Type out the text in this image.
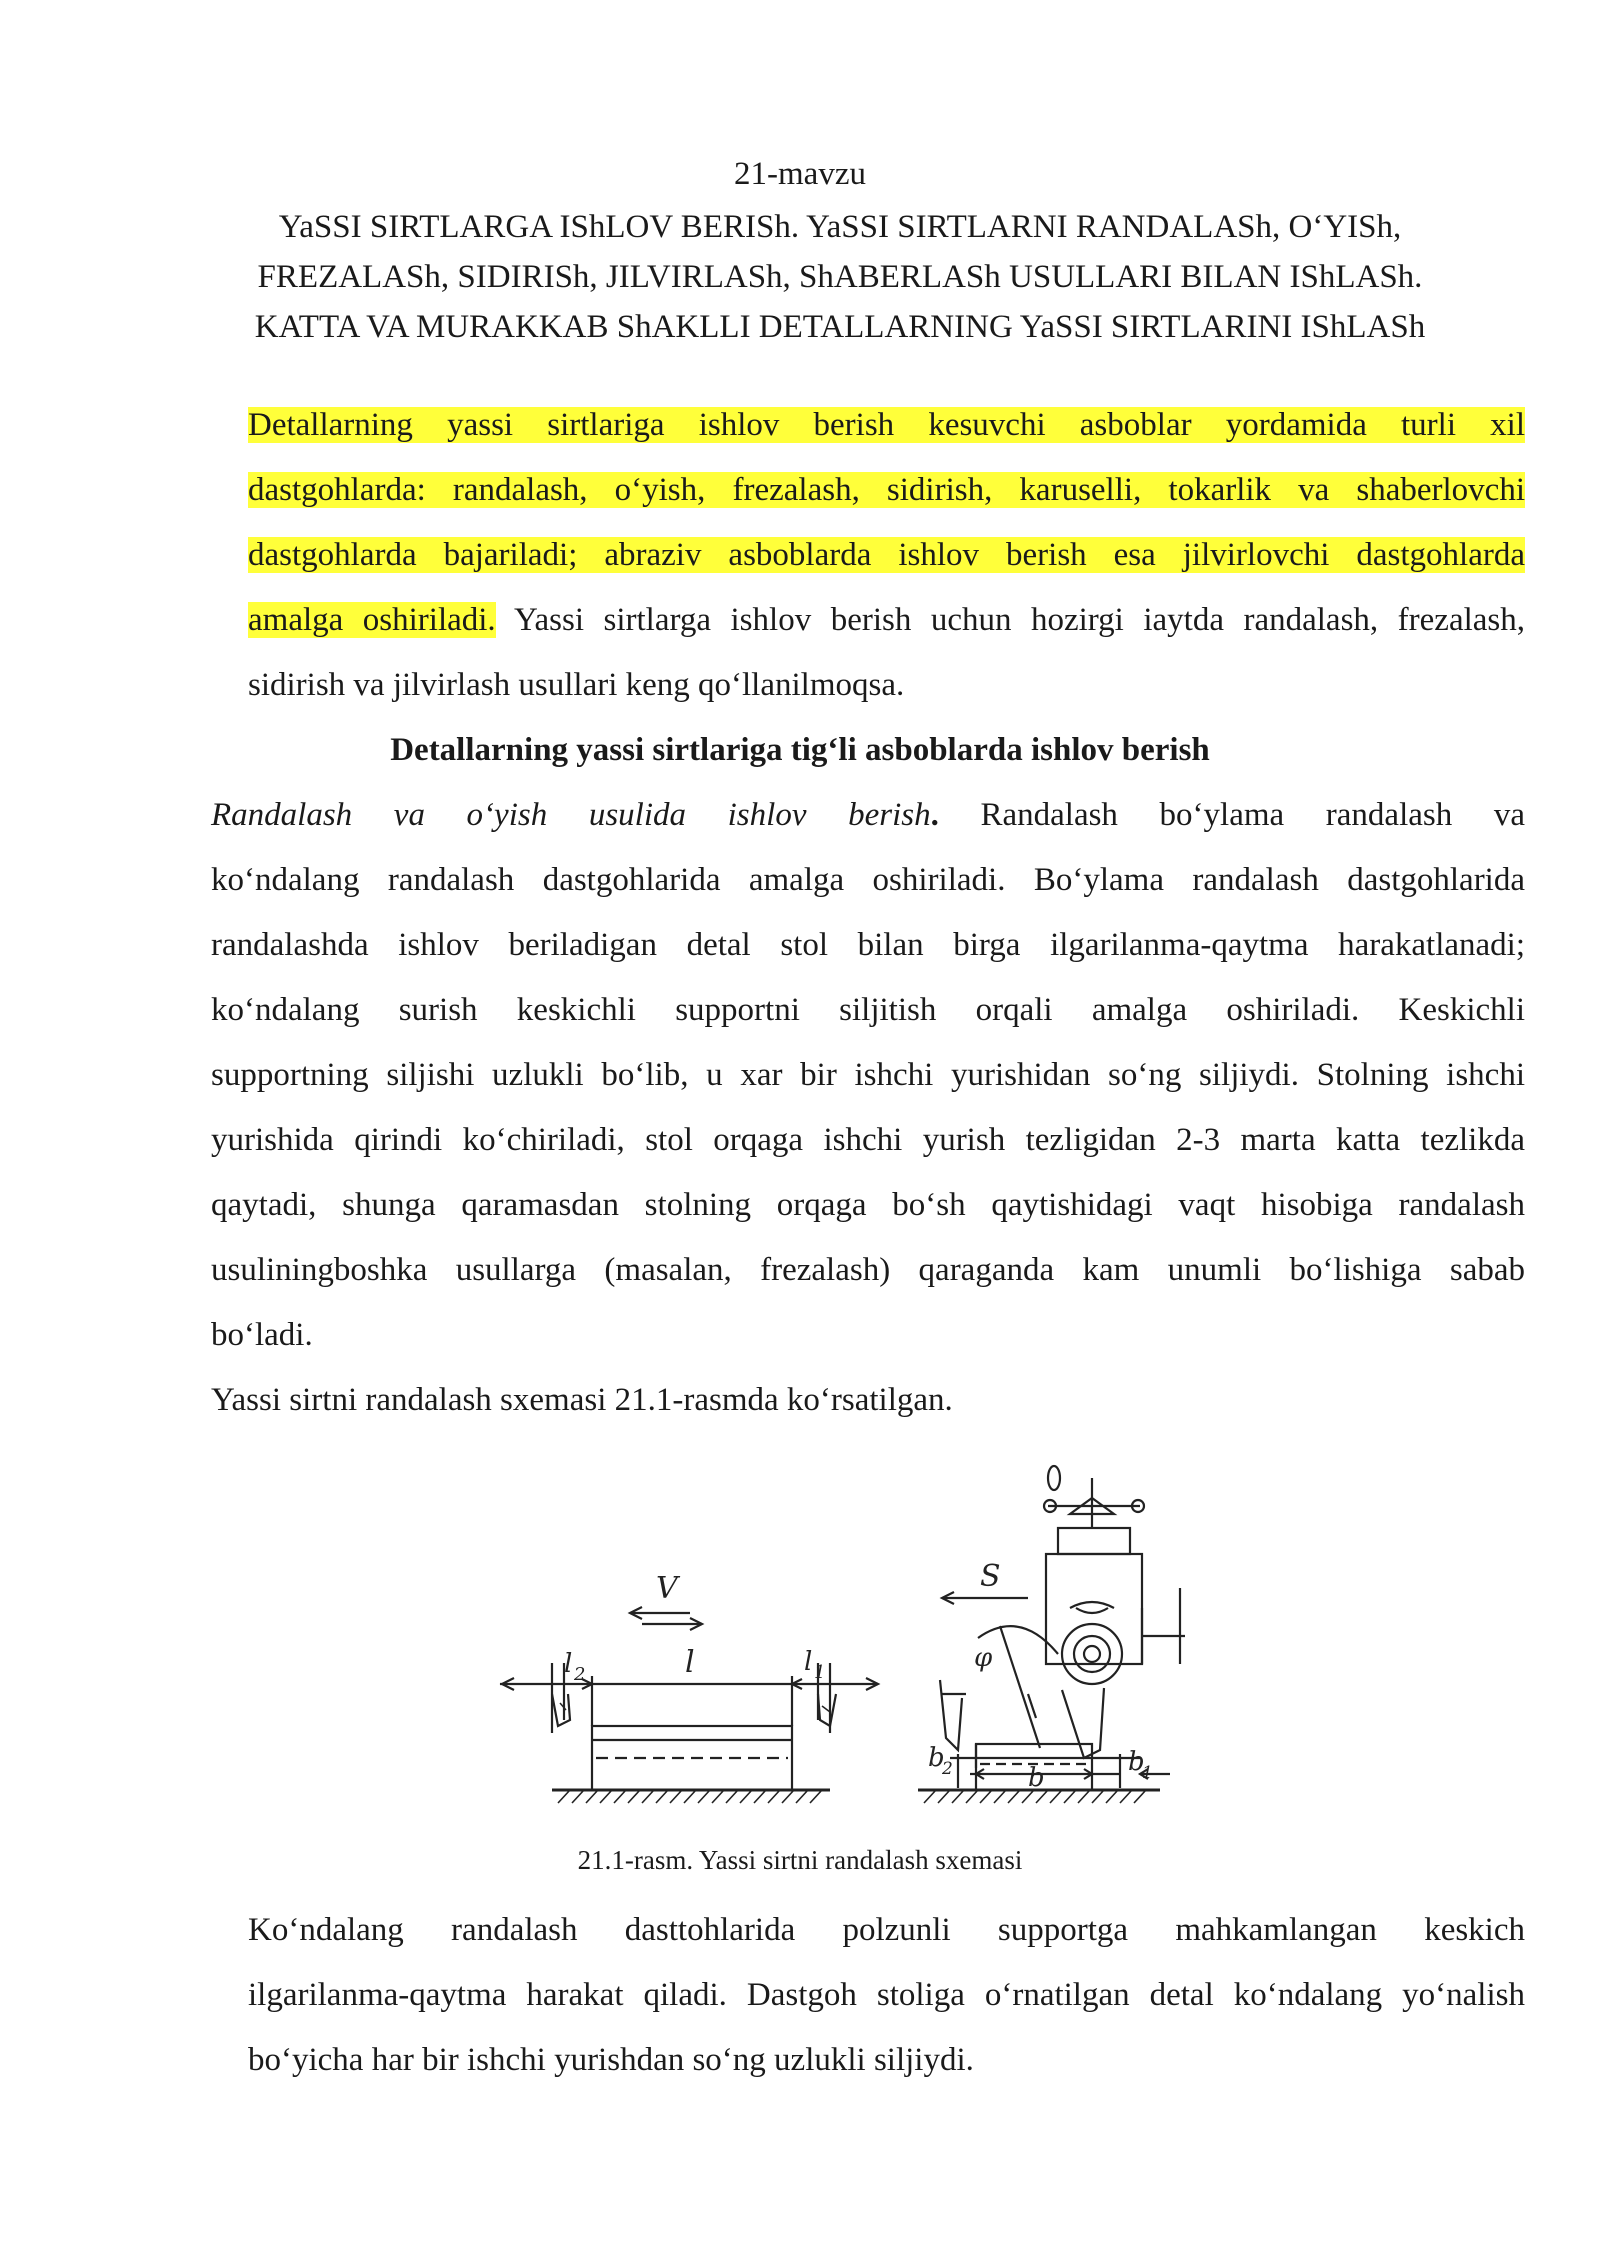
21-mavzu
YaSSI SIRTLARGA IShLOV BERISh. YaSSI SIRTLARNI RANDALASh, O‘YISh,
FREZALASh, SIDIRISh, JILVIRLASh, ShABERLASh USULLARI BILAN IShLASh.
KATTA VA MURAKKAB ShAKLLI DETALLARNING YaSSI SIRTLARINI IShLASh
Detallarning yassi sirtlariga ishlov berish kesuvchi asboblar yordamida turli xil
dastgohlarda: randalash, o‘yish, frezalash, sidirish, karuselli, tokarlik va shaberlovchi
dastgohlarda bajariladi; abraziv asboblarda ishlov berish esa jilvirlovchi dastgohlarda
amalga oshiriladi. Yassi sirtlarga ishlov berish uchun hozirgi iaytda randalash, frezalash,
sidirish va jilvirlash usullari keng qo‘llanilmoqsa.
Detallarning yassi sirtlariga tig‘li asboblarda ishlov berish
Randalash va o‘yish usulida ishlov berish. Randalash bo‘ylama randalash va
ko‘ndalang randalash dastgohlarida amalga oshiriladi. Bo‘ylama randalash dastgohlarida
randalashda ishlov beriladigan detal stol bilan birga ilgarilanma-qaytma harakatlanadi;
ko‘ndalang surish keskichli supportni siljitish orqali amalga oshiriladi. Keskichli
supportning siljishi uzlukli bo‘lib, u xar bir ishchi yurishidan so‘ng siljiydi. Stolning ishchi
yurishida qirindi ko‘chiriladi, stol orqaga ishchi yurish tezligidan 2-3 marta katta tezlikda
qaytadi, shunga qaramasdan stolning orqaga bo‘sh qaytishidagi vaqt hisobiga randalash
usuliningboshka usullarga (masalan, frezalash) qaraganda kam unumli bo‘lishiga sabab
bo‘ladi.
Yassi sirtni randalash sxemasi 21.1-rasmda ko‘rsatilgan.
V
l
l 2	l 1
S
φ
b
b
2	b
1
21.1-rasm. Yassi sirtni randalash sxemasi
Ko‘ndalang randalash dasttohlarida polzunli supportga mahkamlangan keskich
ilgarilanma-qaytma harakat qiladi. Dastgoh stoliga o‘rnatilgan detal ko‘ndalang yo‘nalish
bo‘yicha har bir ishchi yurishdan so‘ng uzlukli siljiydi.
